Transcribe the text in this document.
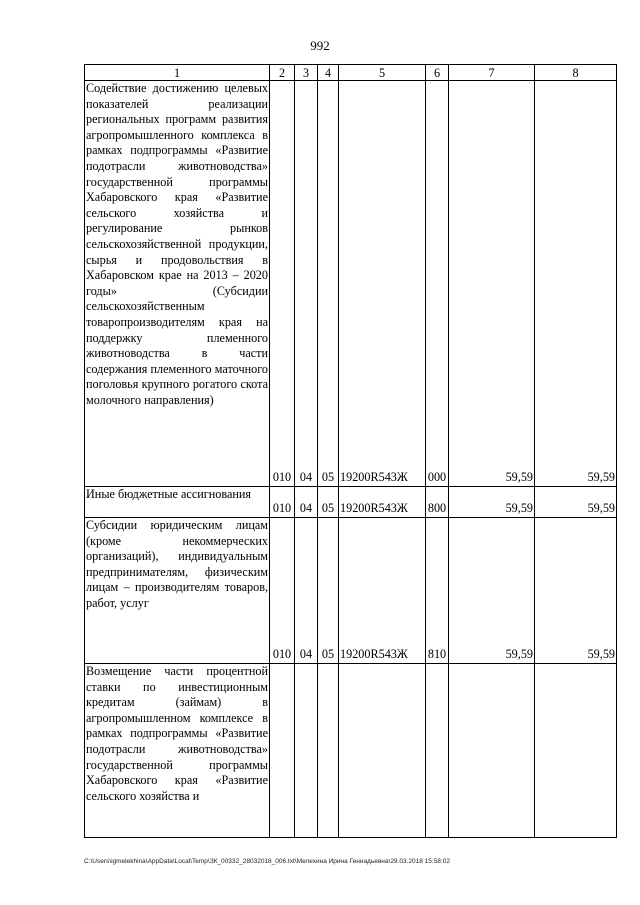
992
1	2	3	4	5	6	7	8

Содействие достижению целевых показателей реализации региональных программ развития агропромышленного комплекса в рамках подпрограммы «Развитие подотрасли животноводства» государственной программы Хабаровского края «Развитие сельского хозяйства и регулирование рынков сельскохозяйственной продукции, сырья и продовольствия в Хабаровском крае на 2013 – 2020 годы» (Субсидии сельскохозяйственным товаропроизводителям края на поддержку племенного животноводства в части содержания племенного маточного поголовья крупного рогатого скота молочного направления)	010	04	05	19200R543Ж	000	59,59	59,59

Иные бюджетные ассигнования	010	04	05	19200R543Ж	800	59,59	59,59

Субсидии юридическим лицам (кроме некоммерческих организаций), индивидуальным предпринимателям, физическим лицам – производителям товаров, работ, услуг	010	04	05	19200R543Ж	810	59,59	59,59

Возмещение части процентной ставки по инвестиционным кредитам (займам) в агропромышленном комплексе в рамках подпрограммы «Развитие подотрасли животноводства» государственной программы Хабаровского края «Развитие сельского хозяйства и							

C:\Users\igmelekhina\AppData\Local\Temp\ЗК_00332_28032018_006.txt\Мелехина Ирина Геннадьевна\29.03.2018 15:58:02
